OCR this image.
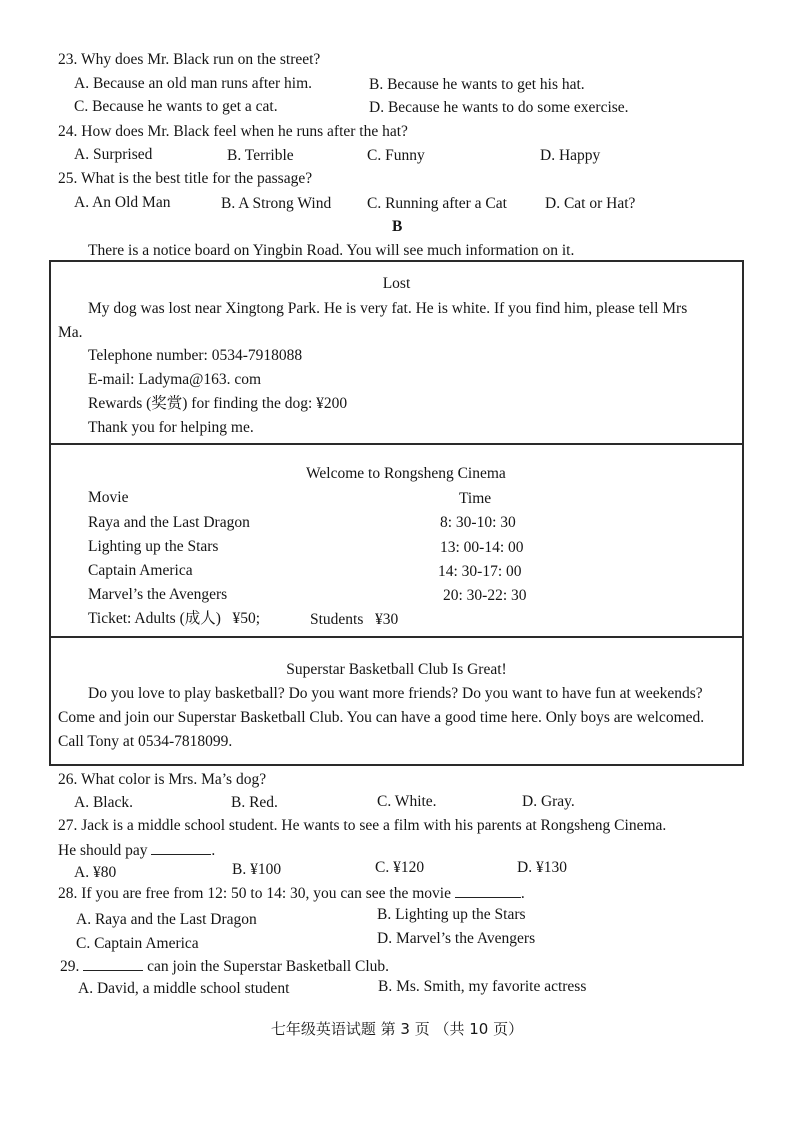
23. Why does Mr. Black run on the street?
A. Because an old man runs after him.	B. Because he wants to get his hat.
C. Because he wants to get a cat.	D. Because he wants to do some exercise.
24. How does Mr. Black feel when he runs after the hat?
A. Surprised	B. Terrible	C. Funny	D. Happy
25. What is the best title for the passage?
A. An Old Man	B. A Strong Wind C. Running after a Cat D. Cat or Hat?
B
There is a notice board on Yingbin Road. You will see much information on it.
Lost
My dog was lost near Xingtong Park. He is very fat. He is white. If you find him, please tell Mrs
Ma.
Telephone number: 0534-7918088
E-mail: Ladyma@163. com
Rewards (奖赏) for finding the dog: ¥200
Thank you for helping me.
Welcome to Rongsheng Cinema
Movie	Time
Raya and the Last Dragon	8: 30-10: 30
Lighting up the Stars	13: 00-14: 00
Captain America	14: 30-17: 00
Marvel’s the Avengers	20: 30-22: 30
Ticket: Adults (成人)   ¥50;	Students   ¥30
Superstar Basketball Club Is Great!
Do you love to play basketball? Do you want more friends? Do you want to have fun at weekends?
Come and join our Superstar Basketball Club. You can have a good time here. Only boys are welcomed.
Call Tony at 0534-7818099.
26. What color is Mrs. Ma’s dog?
A. Black.	B. Red.	C. White.	D. Gray.
27. Jack is a middle school student. He wants to see a film with his parents at Rongsheng Cinema.
He should pay	.
A. ¥80	B. ¥100	C. ¥120	D. ¥130
28. If you are free from 12: 50 to 14: 30, you can see the movie	.
A. Raya and the Last Dragon	B. Lighting up the Stars
C. Captain America	D. Marvel’s the Avengers
29.	can join the Superstar Basketball Club.
A. David, a middle school student	B. Ms. Smith, my favorite actress
七年级英语试题 第 3 页 （共 10 页）
